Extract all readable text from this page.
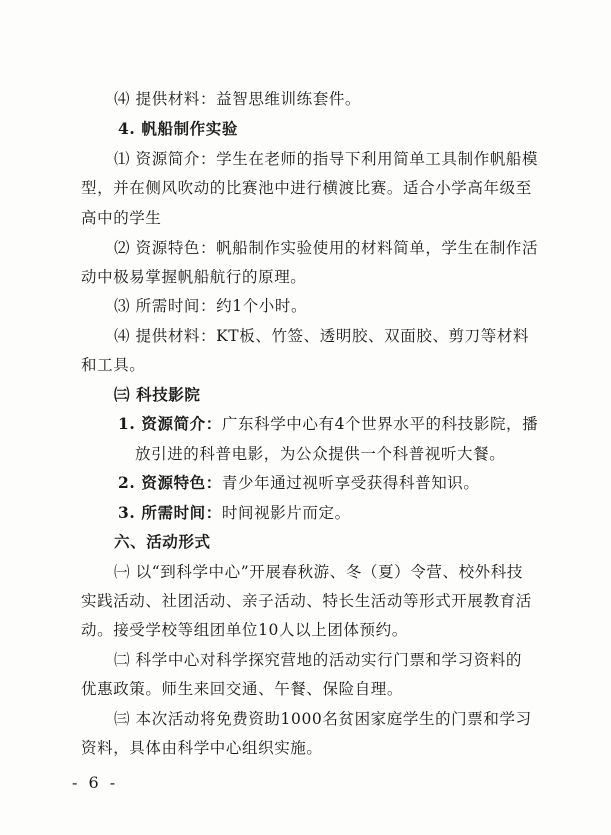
⑷ 提供材料：益智思维训练套件。
4. 帆船制作实验
⑴ 资源简介：学生在老师的指导下利用简单工具制作帆船模
型，并在侧风吹动的比赛池中进行横渡比赛。适合小学高年级至
高中的学生
⑵ 资源特色：帆船制作实验使用的材料简单，学生在制作活
动中极易掌握帆船航行的原理。
⑶ 所需时间：约1个小时。
⑷ 提供材料：KT板、竹签、透明胶、双面胶、剪刀等材料
和工具。
㈢ 科技影院
1. 资源简介：广东科学中心有4个世界水平的科技影院，播
放引进的科普电影，为公众提供一个科普视听大餐。
2. 资源特色：青少年通过视听享受获得科普知识。
3. 所需时间：时间视影片而定。
六、活动形式
㈠ 以“到科学中心”开展春秋游、冬（夏）令营、校外科技
实践活动、社团活动、亲子活动、特长生活动等形式开展教育活
动。接受学校等组团单位10人以上团体预约。
㈡ 科学中心对科学探究营地的活动实行门票和学习资料的
优惠政策。师生来回交通、午餐、保险自理。
㈢ 本次活动将免费资助1000名贫困家庭学生的门票和学习
资料，具体由科学中心组织实施。
- 6 -
